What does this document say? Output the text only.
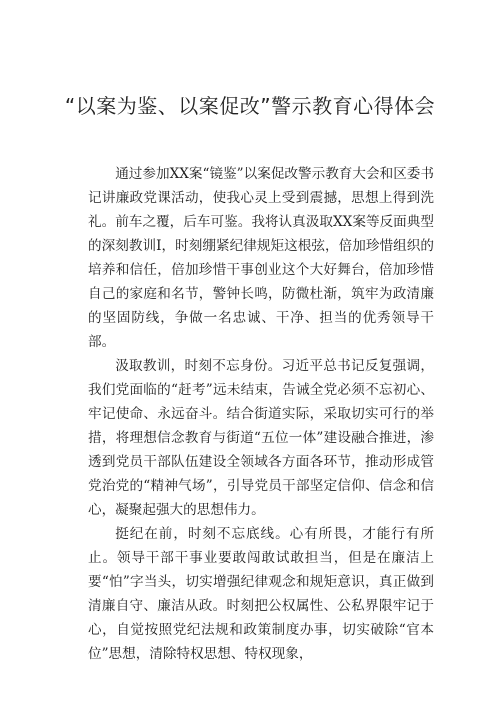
“以案为鉴、以案促改”警示教育心得体会

通过参加XX案“镜鉴”以案促改警示教育大会和区委书记讲廉政党课活动，使我心灵上受到震撼，思想上得到洗礼。前车之覆，后车可鉴。我将认真汲取XX案等反面典型的深刻教训I，时刻绷紧纪律规矩这根弦，倍加珍惜组织的培养和信任，倍加珍惜干事创业这个大好舞台，倍加珍惜自己的家庭和名节，警钟长鸣，防微杜渐，筑牢为政清廉的坚固防线，争做一名忠诚、干净、担当的优秀领导干部。

汲取教训，时刻不忘身份。习近平总书记反复强调，我们党面临的“赶考”远未结束，告诫全党必须不忘初心、牢记使命、永远奋斗。结合街道实际，采取切实可行的举措，将理想信念教育与街道“五位一体”建设融合推进，渗透到党员干部队伍建设全领域各方面各环节，推动形成管党治党的“精神气场”，引导党员干部坚定信仰、信念和信心，凝聚起强大的思想伟力。

挺纪在前，时刻不忘底线。心有所畏，才能行有所止。领导干部干事业要敢闯敢试敢担当，但是在廉洁上要“怕”字当头，切实增强纪律观念和规矩意识，真正做到清廉自守、廉洁从政。时刻把公权属性、公私界限牢记于心，自觉按照党纪法规和政策制度办事，切实破除“官本位”思想，清除特权思想、特权现象，
